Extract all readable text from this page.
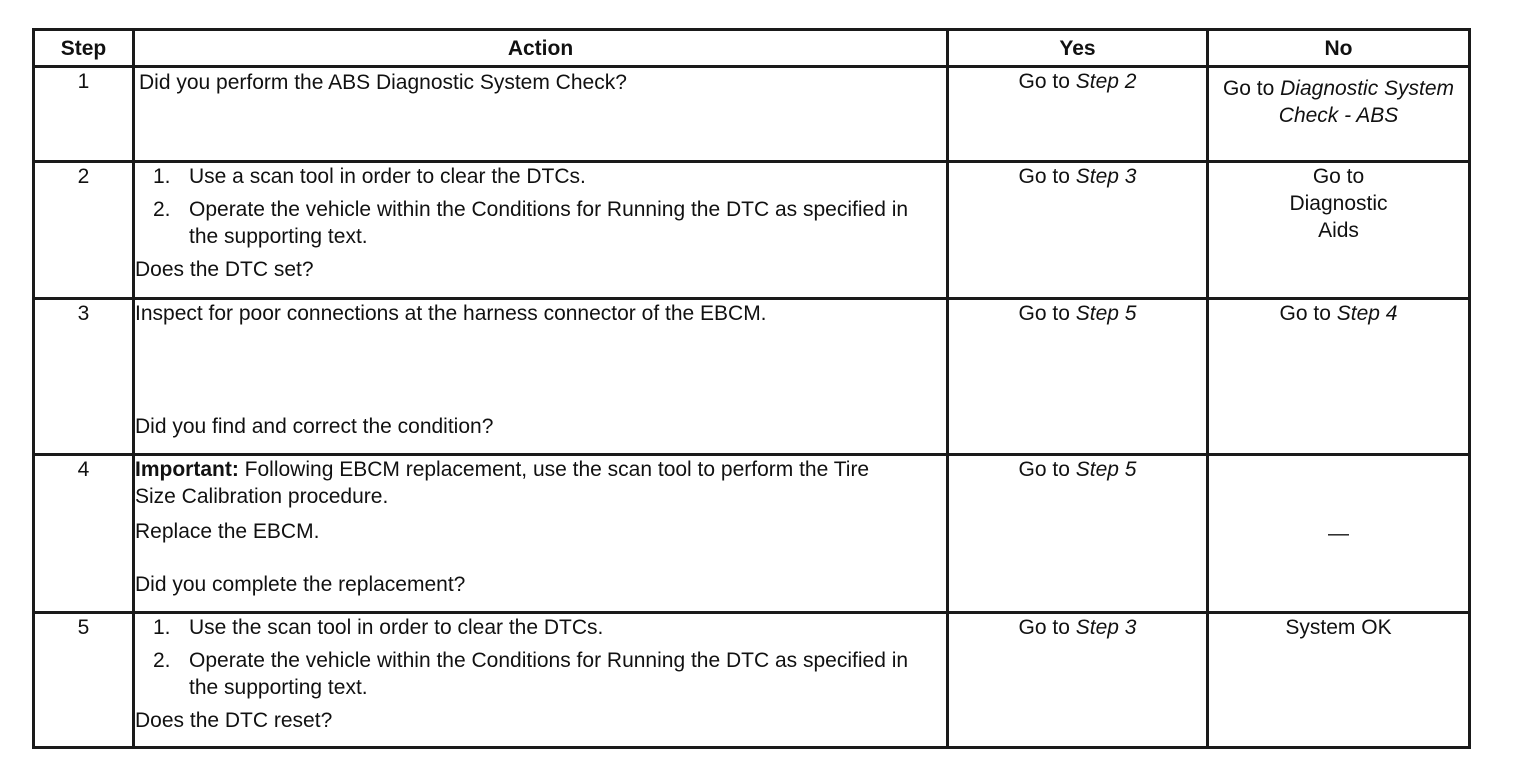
Step	Action	Yes	No
1	Did you perform the ABS Diagnostic System Check?	Go to Step 2	Go to Diagnostic System Check - ABS
2	1. Use a scan tool in order to clear the DTCs.
2. Operate the vehicle within the Conditions for Running the DTC as specified in the supporting text.
Does the DTC set?	Go to Step 3	Go to Diagnostic Aids
3	Inspect for poor connections at the harness connector of the EBCM.
Did you find and correct the condition?	Go to Step 5	Go to Step 4
4	Important: Following EBCM replacement, use the scan tool to perform the Tire Size Calibration procedure.
Replace the EBCM.
Did you complete the replacement?	Go to Step 5	—
5	1. Use the scan tool in order to clear the DTCs.
2. Operate the vehicle within the Conditions for Running the DTC as specified in the supporting text.
Does the DTC reset?	Go to Step 3	System OK
